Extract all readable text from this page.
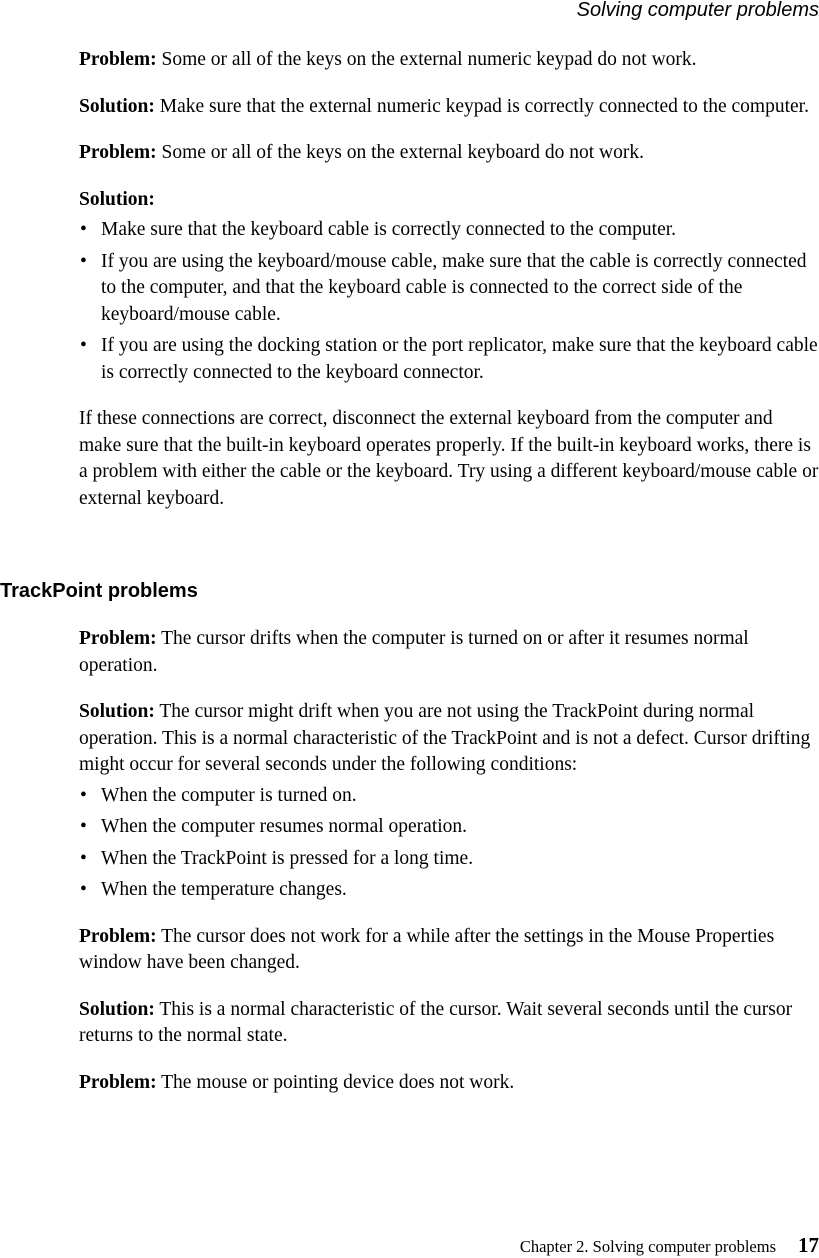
Solving computer problems

Problem: Some or all of the keys on the external numeric keypad do not work.

Solution: Make sure that the external numeric keypad is correctly connected to the computer.

Problem: Some or all of the keys on the external keyboard do not work.

Solution:

• Make sure that the keyboard cable is correctly connected to the computer.
• If you are using the keyboard/mouse cable, make sure that the cable is correctly connected to the computer, and that the keyboard cable is connected to the correct side of the keyboard/mouse cable.
• If you are using the docking station or the port replicator, make sure that the keyboard cable is correctly connected to the keyboard connector.

If these connections are correct, disconnect the external keyboard from the computer and make sure that the built-in keyboard operates properly. If the built-in keyboard works, there is a problem with either the cable or the keyboard. Try using a different keyboard/mouse cable or external keyboard.

TrackPoint problems

Problem: The cursor drifts when the computer is turned on or after it resumes normal operation.

Solution: The cursor might drift when you are not using the TrackPoint during normal operation. This is a normal characteristic of the TrackPoint and is not a defect. Cursor drifting might occur for several seconds under the following conditions:

• When the computer is turned on.
• When the computer resumes normal operation.
• When the TrackPoint is pressed for a long time.
• When the temperature changes.

Problem: The cursor does not work for a while after the settings in the Mouse Properties window have been changed.

Solution: This is a normal characteristic of the cursor. Wait several seconds until the cursor returns to the normal state.

Problem: The mouse or pointing device does not work.

Chapter 2. Solving computer problems 17
